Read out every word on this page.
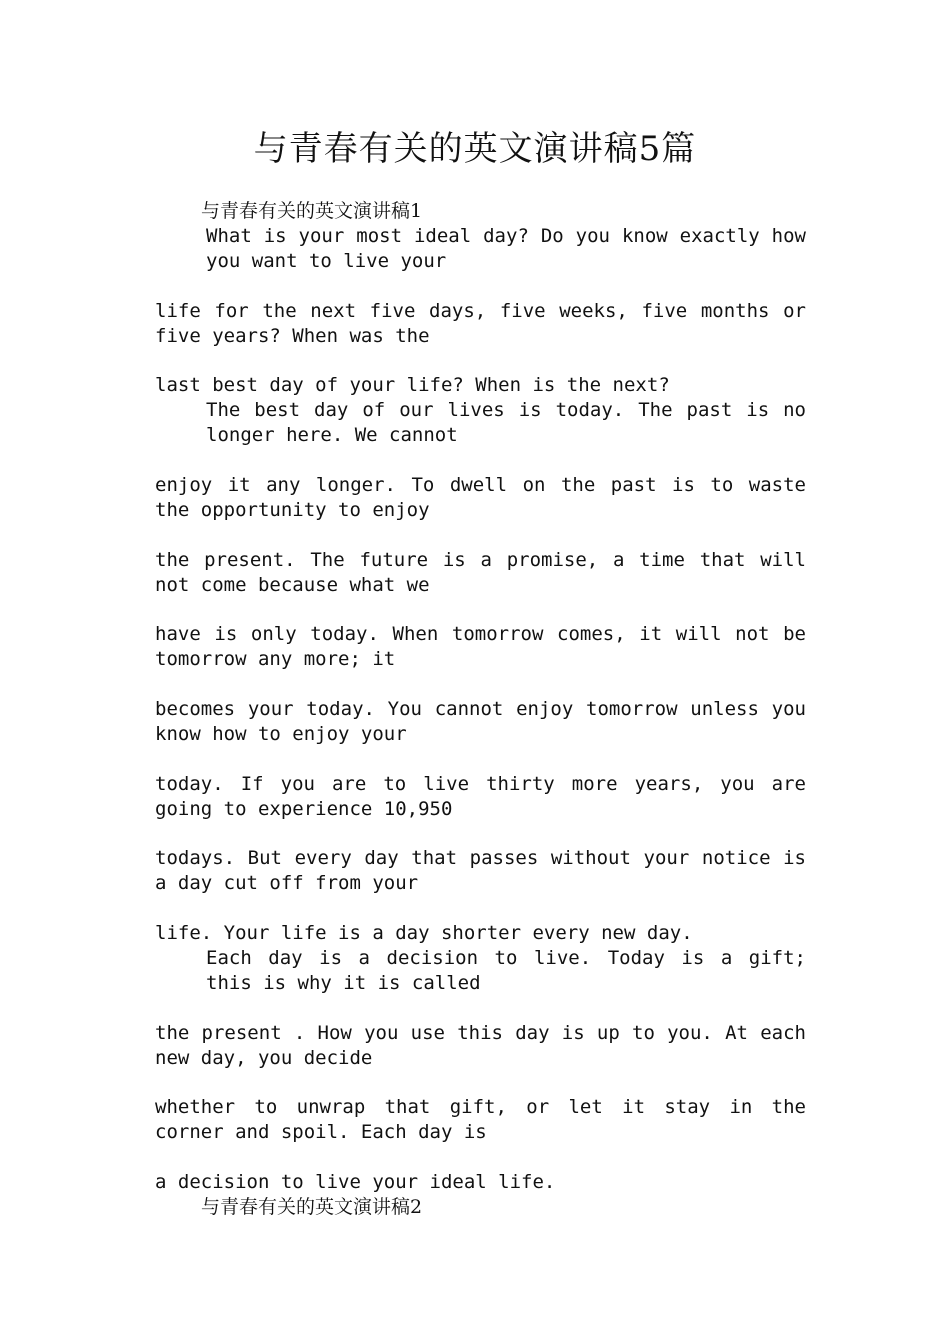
与青春有关的英文演讲稿5篇
与青春有关的英文演讲稿1
What is your most ideal day? Do you know exactly how you want to live your
life for the next five days, five weeks, five months or five years? When was the
last best day of your life? When is the next?
The best day of our lives is today. The past is no longer here. We cannot
enjoy it any longer. To dwell on the past is to waste the opportunity to enjoy
the present. The future is a promise, a time that will not come because what we
have is only today. When tomorrow comes, it will not be tomorrow any more; it
becomes your today. You cannot enjoy tomorrow unless you know how to enjoy your
today. If you are to live thirty more years, you are going to experience 10,950
todays. But every day that passes without your notice is a day cut off from your
life. Your life is a day shorter every new day.
Each day is a decision to live. Today is a gift; this is why it is called
the present . How you use this day is up to you. At each new day, you decide
whether to unwrap that gift, or let it stay in the corner and spoil. Each day is
a decision to live your ideal life.
与青春有关的英文演讲稿2
